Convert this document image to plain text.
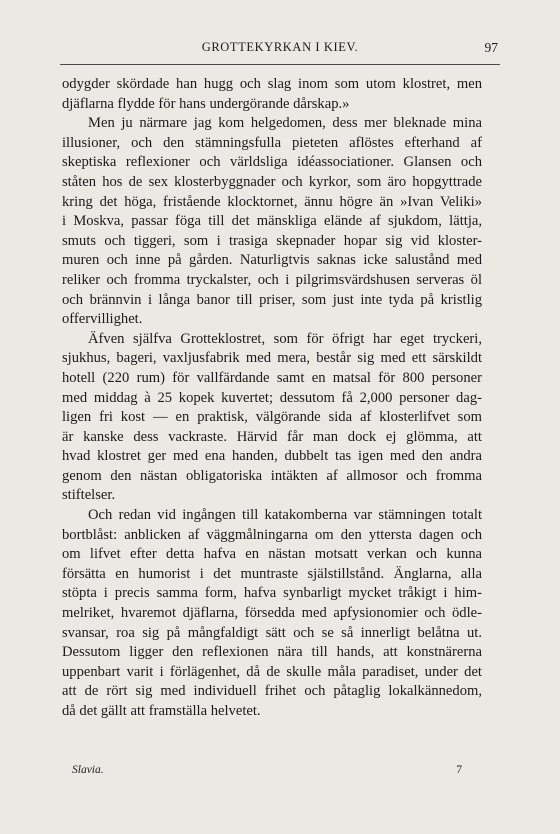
GROTTEKYRKAN I KIEV.	97
odygder skördade han hugg och slag inom som utom klostret, men
djäflarna flydde för hans undergörande dårskap.»
Men ju närmare jag kom helgedomen, dess mer bleknade mina
illusioner, och den stämningsfulla pieteten aflöstes efterhand af
skeptiska reflexioner och världsliga idéassociationer. Glansen och
ståten hos de sex klosterbyggnader och kyrkor, som äro hopgyttrade
kring det höga, fristående klocktornet, ännu högre än »Ivan Veliki»
i Moskva, passar föga till det mänskliga elände af sjukdom, lättja,
smuts och tiggeri, som i trasiga skepnader hopar sig vid kloster-
muren och inne på gården. Naturligtvis saknas icke salustånd med
reliker och fromma tryckalster, och i pilgrimsvärdshusen serveras öl
och brännvin i långa banor till priser, som just inte tyda på kristlig
offervillighet.
Äfven själfva Grotteklostret, som för öfrigt har eget tryckeri,
sjukhus, bageri, vaxljusfabrik med mera, består sig med ett särskildt
hotell (220 rum) för vallfärdande samt en matsal för 800 personer
med middag à 25 kopek kuvertet; dessutom få 2,000 personer dag-
ligen fri kost — en praktisk, välgörande sida af klosterlifvet som
är kanske dess vackraste. Härvid får man dock ej glömma, att
hvad klostret ger med ena handen, dubbelt tas igen med den andra
genom den nästan obligatoriska intäkten af allmosor och fromma
stiftelser.
Och redan vid ingången till katakomberna var stämningen totalt
bortblåst: anblicken af väggmålningarna om den yttersta dagen och
om lifvet efter detta hafva en nästan motsatt verkan och kunna
försätta en humorist i det muntraste själstillstånd. Änglarna, alla
stöpta i precis samma form, hafva synbarligt mycket tråkigt i him-
melriket, hvaremot djäflarna, försedda med apfysionomier och ödle-
svansar, roa sig på mångfaldigt sätt och se så innerligt belåtna ut.
Dessutom ligger den reflexionen nära till hands, att konstnärerna
uppenbart varit i förlägenhet, då de skulle måla paradiset, under det
att de rört sig med individuell frihet och påtaglig lokalkännedom,
då det gällt att framställa helvetet.
Slavia.	7
